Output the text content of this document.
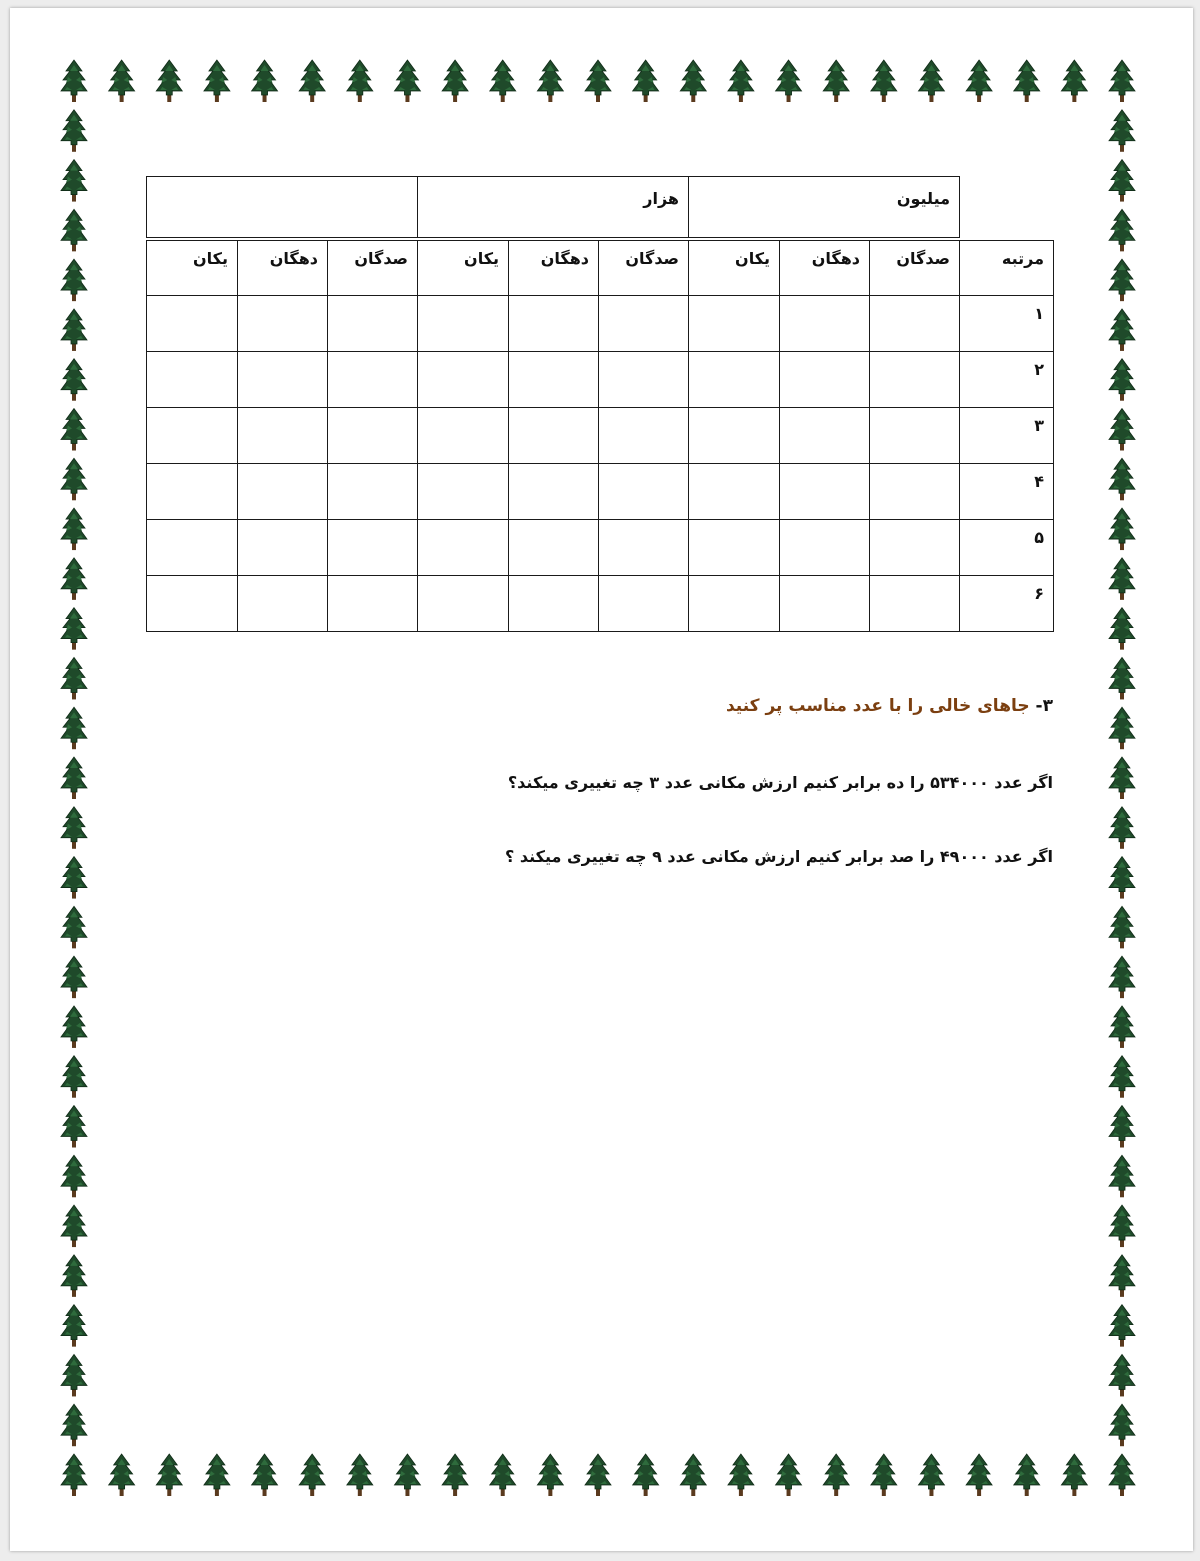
			هزار			میلیون			

یکان	دهگان	صدگان	یکان	دهگان	صدگان	یکان	دهگان	صدگان	مرتبه
									۱
									۲
									۳
									۴
									۵
									۶
۳- جاهای خالی را با عدد مناسب پر کنید
اگر عدد ۵۳۴۰۰۰ را ده برابر کنیم ارزش مکانی عدد ۳ چه تغییری میکند؟
اگر عدد ۴۹۰۰۰ را صد برابر کنیم ارزش مکانی عدد ۹ چه تغییری میکند ؟
